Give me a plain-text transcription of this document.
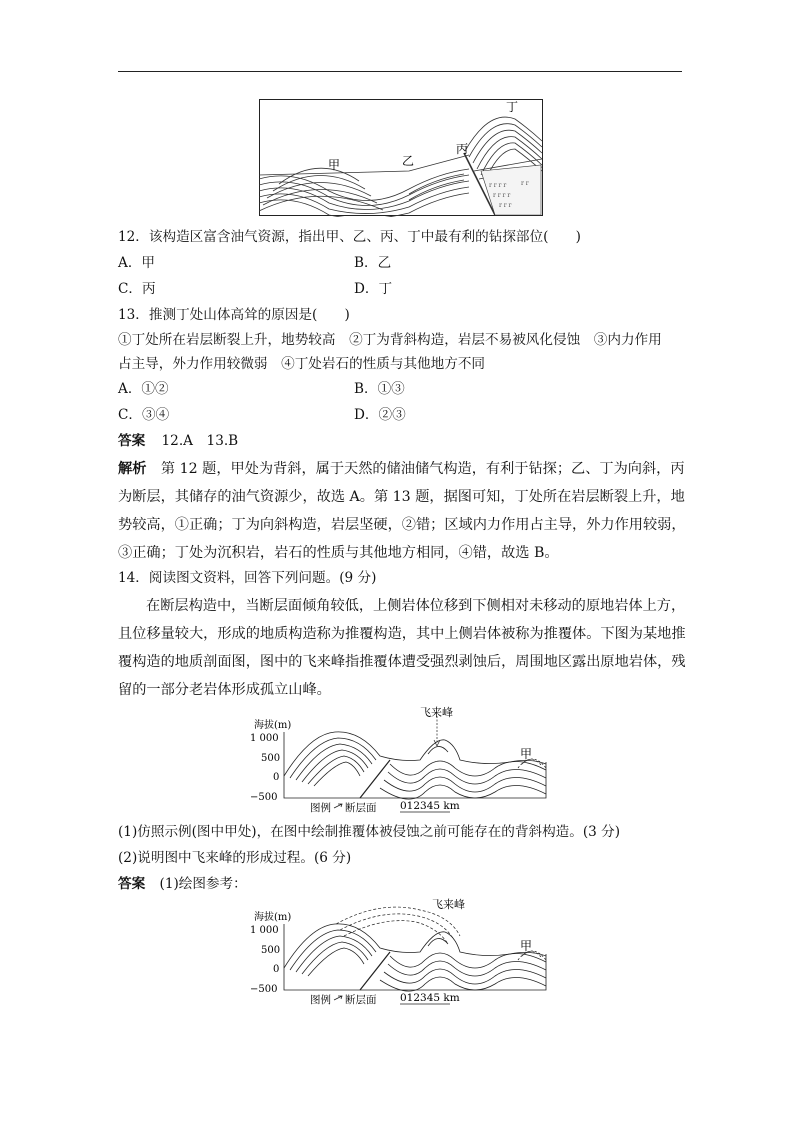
r r r r
r r r r
r r r
r r
甲	乙
丙
丁
12．该构造区富含油气资源，指出甲、乙、丙、丁中最有利的钻探部位(　　)
A．甲	B．乙
C．丙	D．丁
13．推测丁处山体高耸的原因是(　　)
①丁处所在岩层断裂上升，地势较高　②丁为背斜构造，岩层不易被风化侵蚀　③内力作用
占主导，外力作用较微弱　④丁处岩石的性质与其他地方不同
A．①②	B．①③
C．③④	D．②③
答案 12.A　13.B
解析 第 12 题，甲处为背斜，属于天然的储油储气构造，有利于钻探；乙、丁为向斜，丙
为断层，其储存的油气资源少，故选 A。第 13 题，据图可知，丁处所在岩层断裂上升，地
势较高，①正确；丁为向斜构造，岩层坚硬，②错；区域内力作用占主导，外力作用较弱，
③正确；丁处为沉积岩，岩石的性质与其他地方相同，④错，故选 B。
14．阅读图文资料，回答下列问题。(9 分)
在断层构造中，当断层面倾角较低，上侧岩体位移到下侧相对未移动的原地岩体上方，
且位移量较大，形成的地质构造称为推覆构造，其中上侧岩体被称为推覆体。下图为某地推
覆构造的地质剖面图，图中的飞来峰指推覆体遭受强烈剥蚀后，周围地区露出原地岩体，残
留的一部分老岩体形成孤立山峰。
海拔(m)
1 000
500
0
−500
飞来峰
甲
图例 断层面 012345 km
(1)仿照示例(图中甲处)，在图中绘制推覆体被侵蚀之前可能存在的背斜构造。(3 分)
(2)说明图中飞来峰的形成过程。(6 分)
答案 (1)绘图参考：
海拔(m)
1 000
500
0
−500
飞来峰
甲
图例 断层面 012345 km
